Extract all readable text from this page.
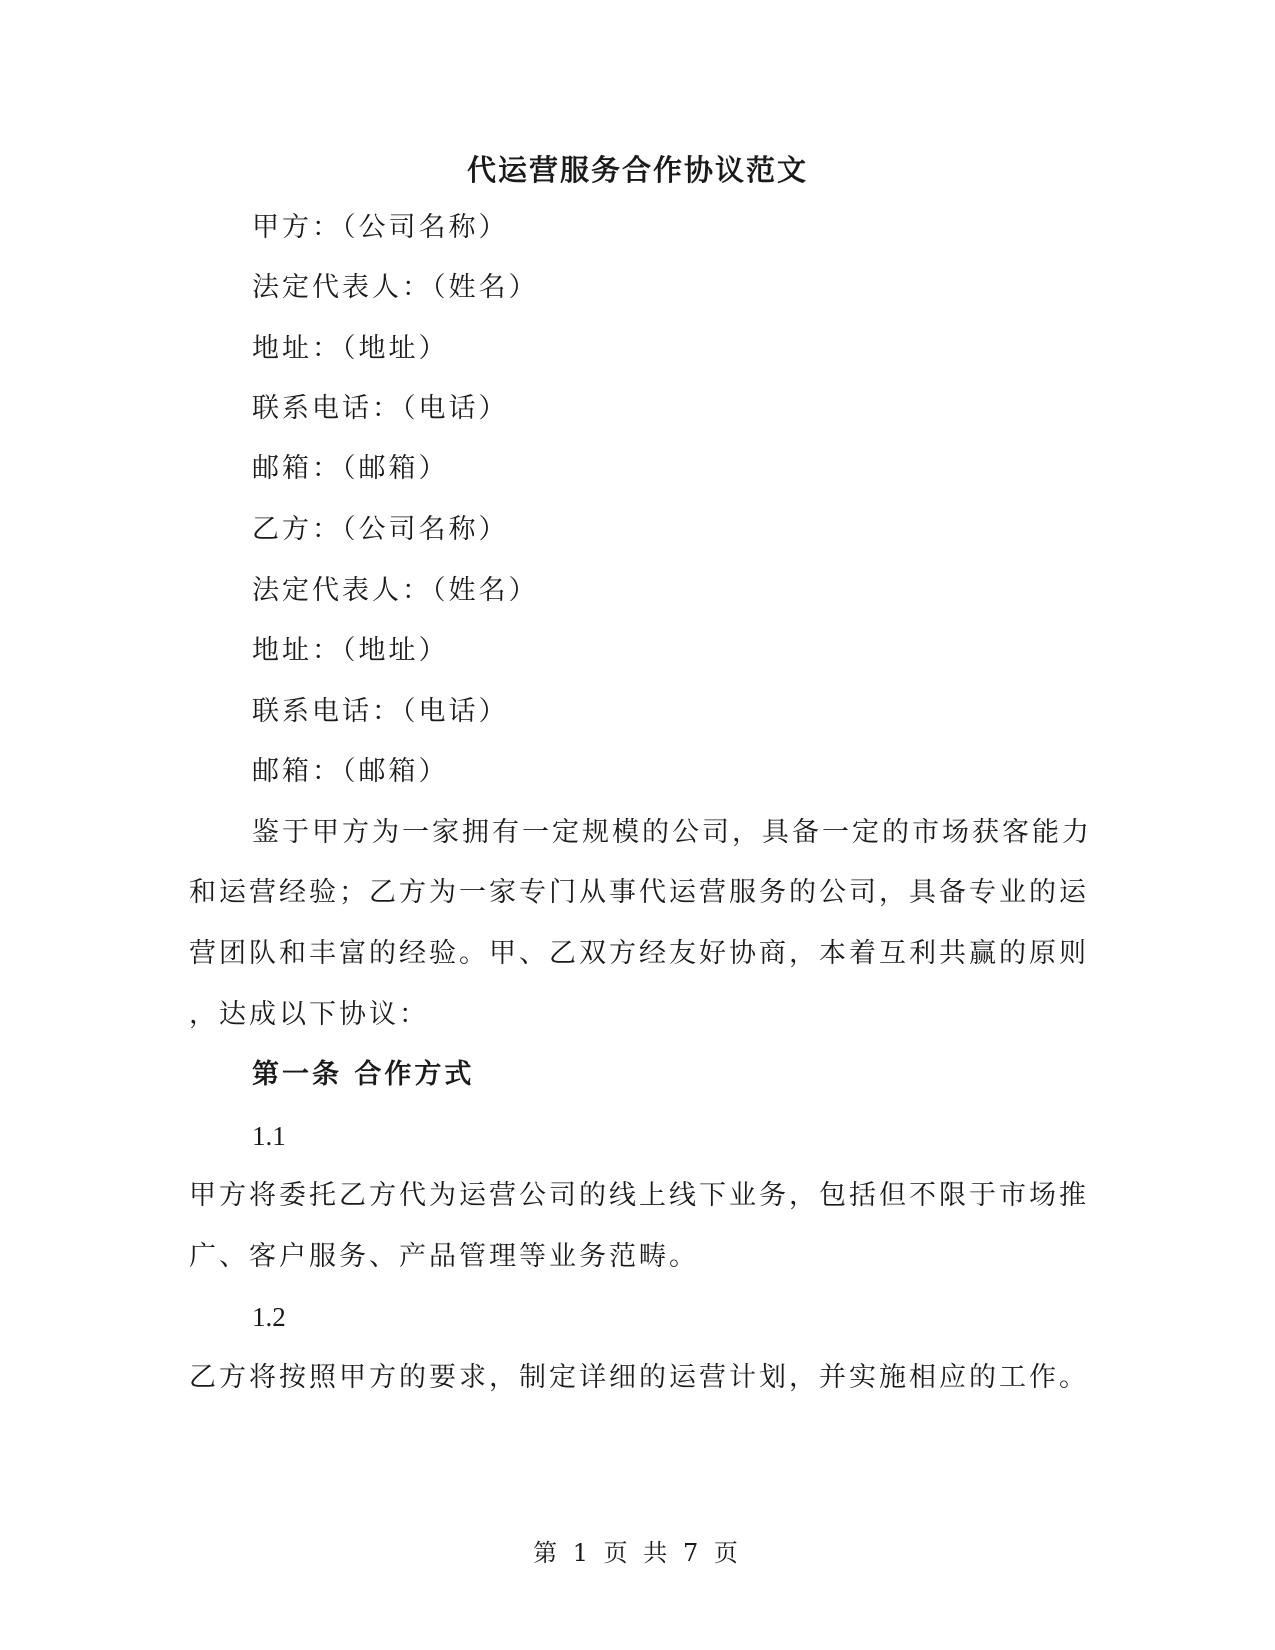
代运营服务合作协议范文
甲方：（公司名称）
法定代表人：（姓名）
地址：（地址）
联系电话：（电话）
邮箱：（邮箱）
乙方：（公司名称）
法定代表人：（姓名）
地址：（地址）
联系电话：（电话）
邮箱：（邮箱）
鉴于甲方为一家拥有一定规模的公司，具备一定的市场获客能力
和运营经验；乙方为一家专门从事代运营服务的公司，具备专业的运
营团队和丰富的经验。甲、乙双方经友好协商，本着互利共赢的原则
，达成以下协议：
第一条 合作方式
1.1
甲方将委托乙方代为运营公司的线上线下业务，包括但不限于市场推
广、客户服务、产品管理等业务范畴。
1.2
乙方将按照甲方的要求，制定详细的运营计划，并实施相应的工作。
第 1 页 共 7 页
